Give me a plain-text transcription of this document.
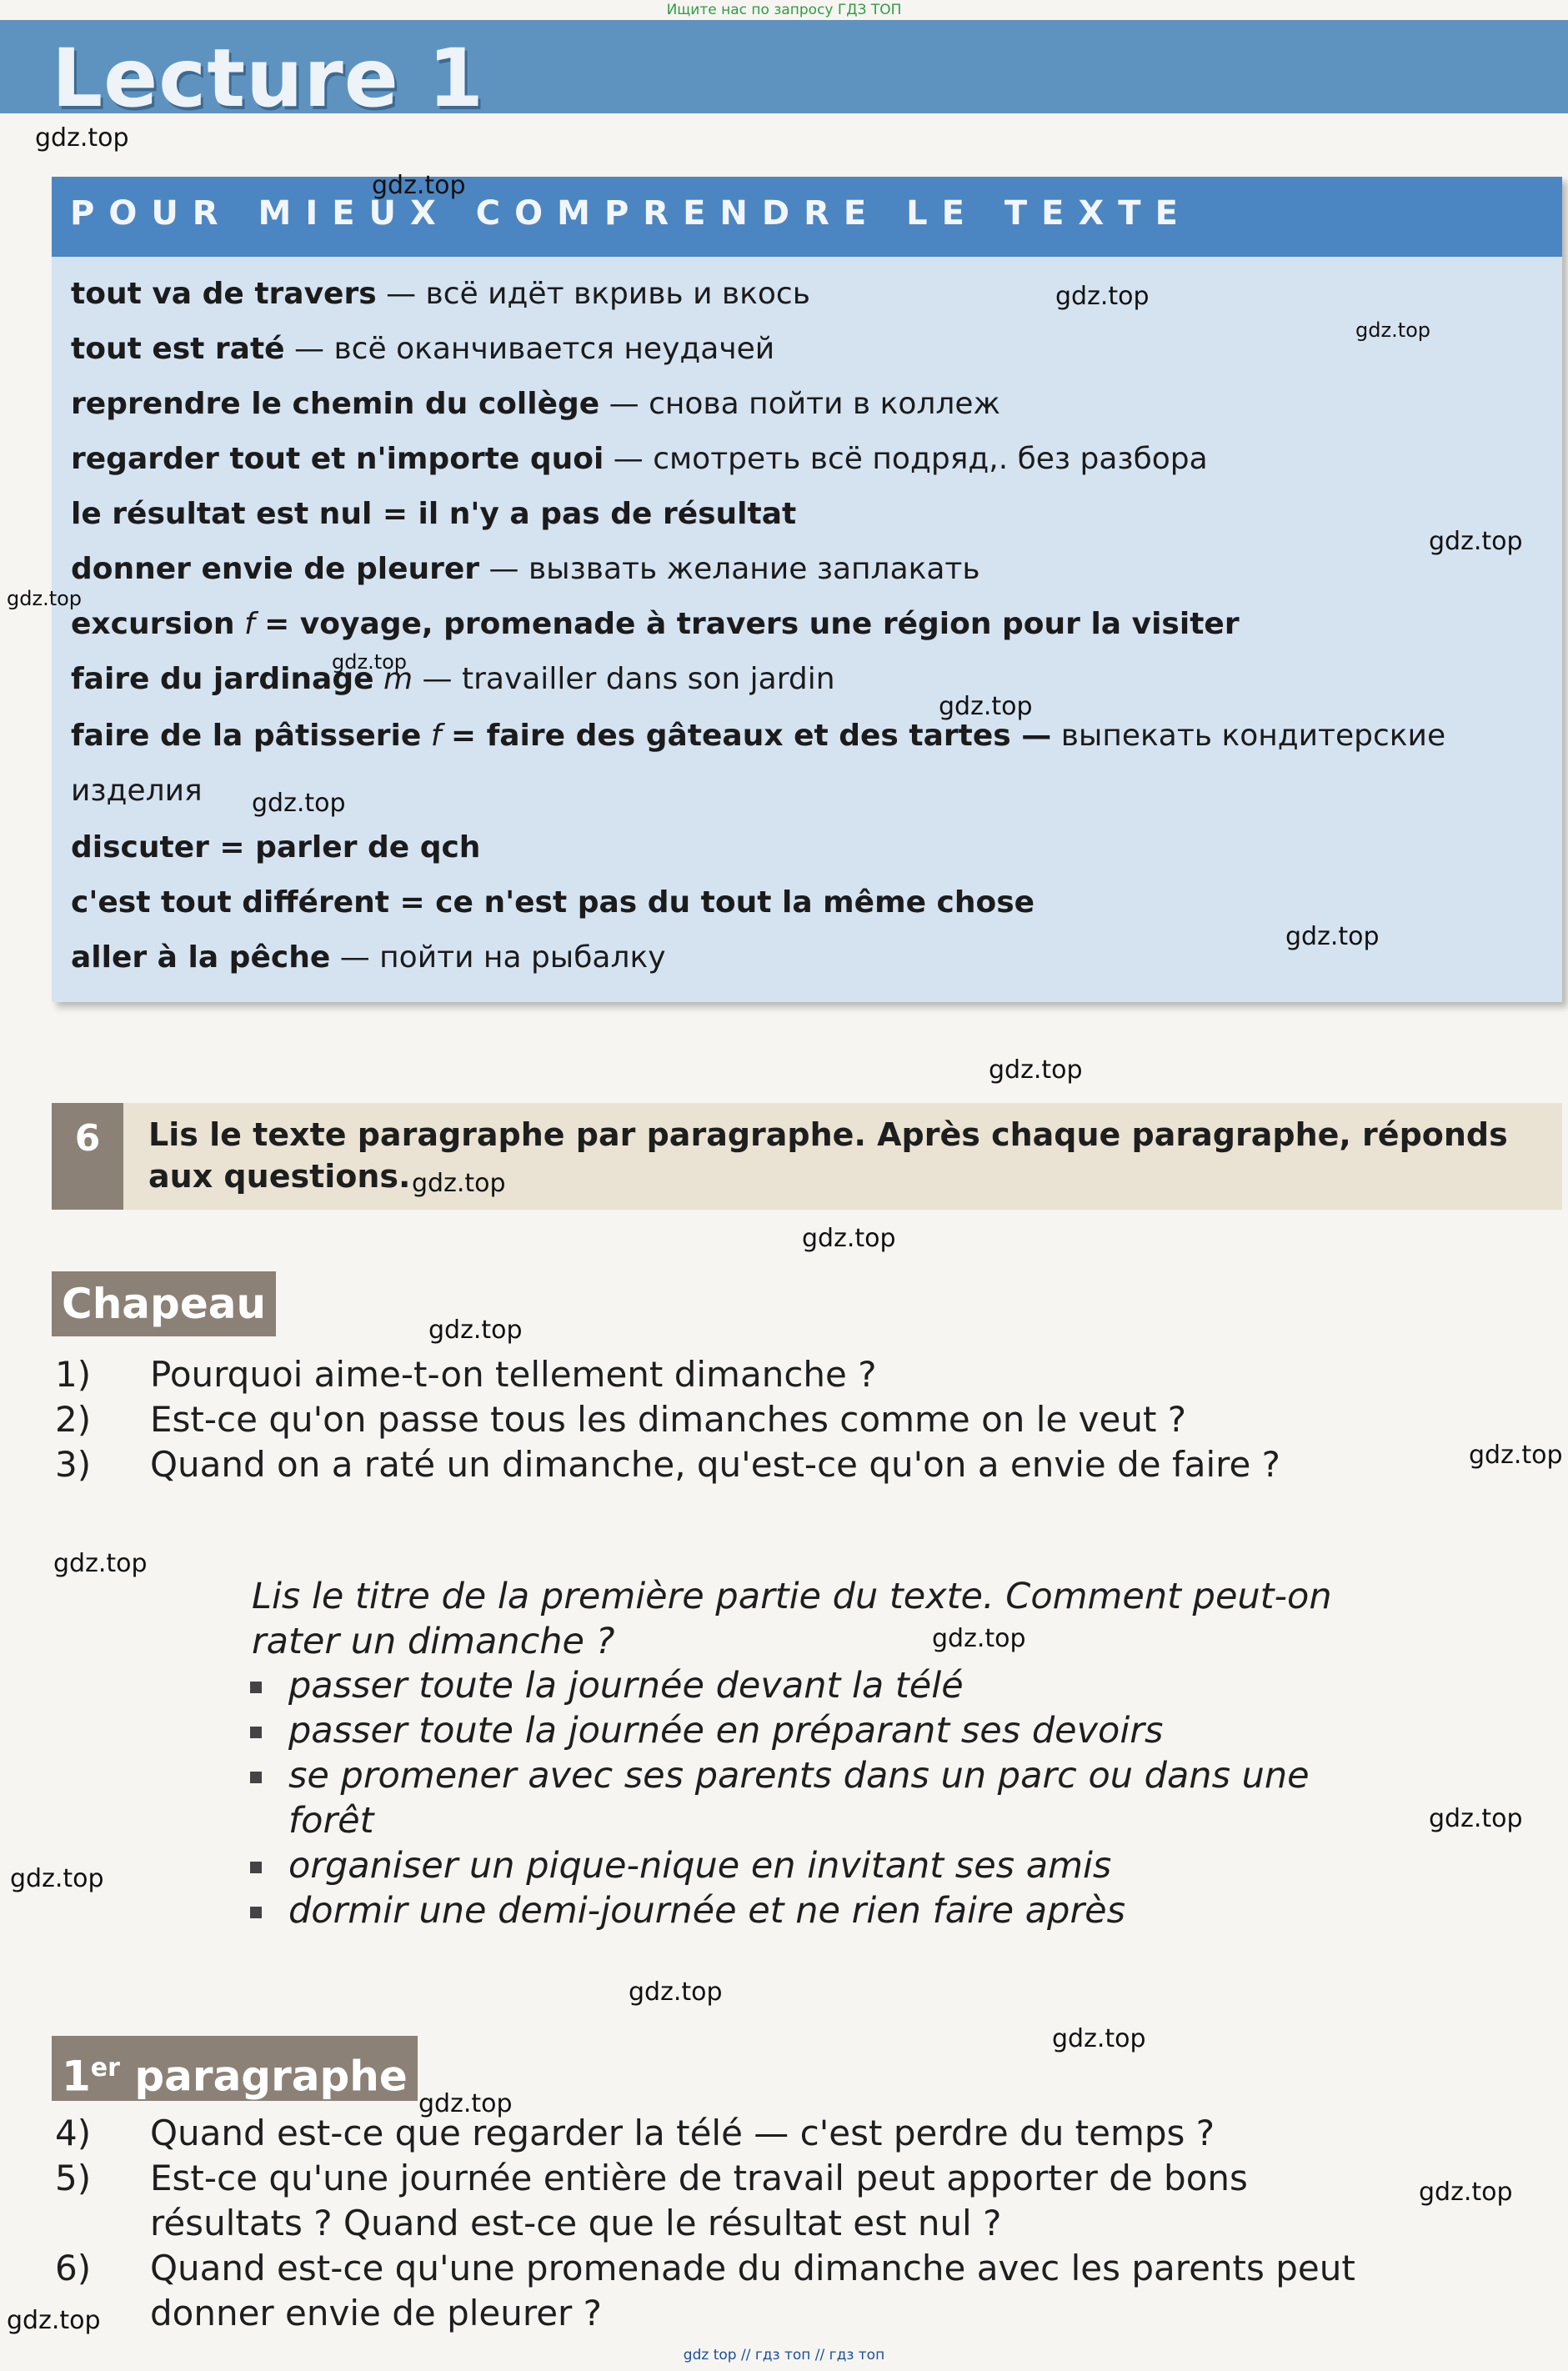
Ищите нас по запросу ГДЗ ТОП
Lecture 1
POUR MIEUX COMPRENDRE LE TEXTE
tout va de travers — всё идёт вкривь и вкось
tout est raté — всё оканчивается неудачей
reprendre le chemin du collège — снова пойти в коллеж
regarder tout et n'importe quoi — смотреть всё подряд,. без разбора
le résultat est nul = il n'y a pas de résultat
donner envie de pleurer — вызвать желание заплакать
excursion f = voyage, promenade à travers une région pour la visiter
faire du jardinage m — travailler dans son jardin
faire de la pâtisserie f = faire des gâteaux et des tartes — выпекать кондитерские
изделия
discuter = parler de qch
c'est tout différent = ce n'est pas du tout la même chose
aller à la pêche — пойти на рыбалку
6	Lis le texte paragraphe par paragraphe. Après chaque paragraphe, réponds aux questions.
Chapeau
1) Pourquoi aime-t-on tellement dimanche ?
2) Est-ce qu'on passe tous les dimanches comme on le veut ?
3) Quand on a raté un dimanche, qu'est-ce qu'on a envie de faire ?
Lis le titre de la première partie du texte. Comment peut-on
rater un dimanche ?
passer toute la journée devant la télé
passer toute la journée en préparant ses devoirs
se promener avec ses parents dans un parc ou dans une
forêt
organiser un pique-nique en invitant ses amis
dormir une demi-journée et ne rien faire après
1er paragraphe
4) Quand est-ce que regarder la télé — c'est perdre du temps ?
5) Est-ce qu'une journée entière de travail peut apporter de bons
résultats ? Quand est-ce que le résultat est nul ?
6) Quand est-ce qu'une promenade du dimanche avec les parents peut
donner envie de pleurer ?
gdz.top
gdz.top
gdz.top
gdz.top
gdz.top
gdz.top
gdz.top
gdz.top
gdz.top
gdz.top
gdz.top
gdz.top
gdz.top
gdz.top
gdz.top
gdz.top
gdz.top
gdz.top
gdz.top
gdz.top
gdz.top
gdz.top
gdz.top
gdz.top
gdz top // гдз топ // гдз топ
